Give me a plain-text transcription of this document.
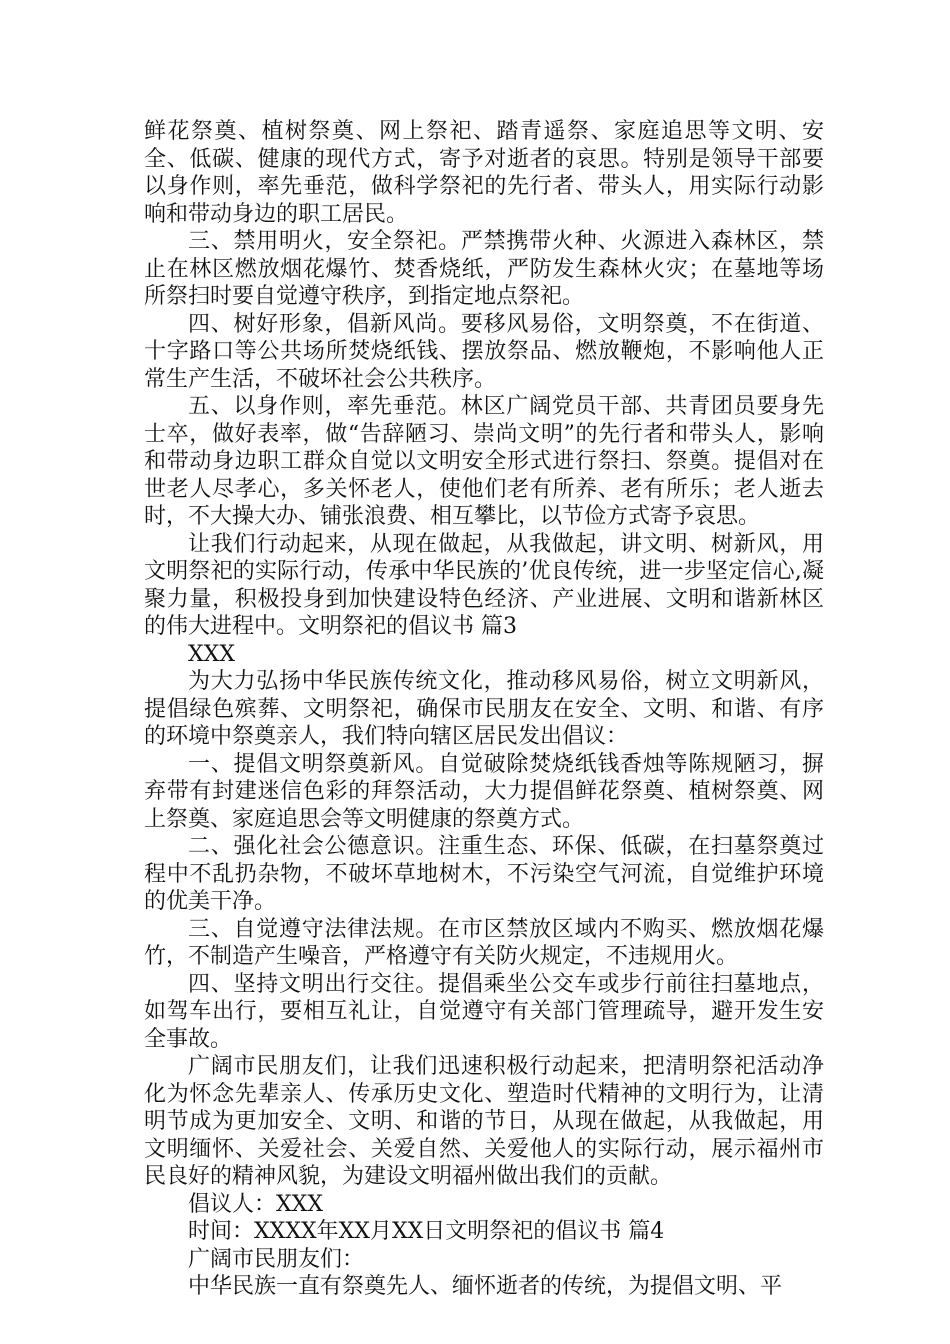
鲜花祭奠、植树祭奠、网上祭祀、踏青遥祭、家庭追思等文明、安全、低碳、健康的现代方式，寄予对逝者的哀思。特别是领导干部要以身作则，率先垂范，做科学祭祀的先行者、带头人，用实际行动影响和带动身边的职工居民。

三、禁用明火，安全祭祀。严禁携带火种、火源进入森林区，禁止在林区燃放烟花爆竹、焚香烧纸，严防发生森林火灾；在墓地等场所祭扫时要自觉遵守秩序，到指定地点祭祀。

四、树好形象，倡新风尚。要移风易俗，文明祭奠，不在街道、十字路口等公共场所焚烧纸钱、摆放祭品、燃放鞭炮，不影响他人正常生产生活，不破坏社会公共秩序。

五、以身作则，率先垂范。林区广阔党员干部、共青团员要身先士卒，做好表率，做“告辞陋习、崇尚文明”的先行者和带头人，影响和带动身边职工群众自觉以文明安全形式进行祭扫、祭奠。提倡对在世老人尽孝心，多关怀老人，使他们老有所养、老有所乐；老人逝去时，不大操大办、铺张浪费、相互攀比，以节俭方式寄予哀思。

让我们行动起来，从现在做起，从我做起，讲文明、树新风，用文明祭祀的实际行动，传承中华民族的’优良传统，进一步坚定信心,凝聚力量，积极投身到加快建设特色经济、产业进展、文明和谐新林区的伟大进程中。文明祭祀的倡议书 篇3

XXX

为大力弘扬中华民族传统文化，推动移风易俗，树立文明新风，提倡绿色殡葬、文明祭祀，确保市民朋友在安全、文明、和谐、有序的环境中祭奠亲人，我们特向辖区居民发出倡议：

一、提倡文明祭奠新风。自觉破除焚烧纸钱香烛等陈规陋习，摒弃带有封建迷信色彩的拜祭活动，大力提倡鲜花祭奠、植树祭奠、网上祭奠、家庭追思会等文明健康的祭奠方式。

二、强化社会公德意识。注重生态、环保、低碳，在扫墓祭奠过程中不乱扔杂物，不破坏草地树木，不污染空气河流，自觉维护环境的优美干净。

三、自觉遵守法律法规。在市区禁放区域内不购买、燃放烟花爆竹，不制造产生噪音，严格遵守有关防火规定，不违规用火。

四、坚持文明出行交往。提倡乘坐公交车或步行前往扫墓地点，如驾车出行，要相互礼让，自觉遵守有关部门管理疏导，避开发生安全事故。

广阔市民朋友们，让我们迅速积极行动起来，把清明祭祀活动净化为怀念先辈亲人、传承历史文化、塑造时代精神的文明行为，让清明节成为更加安全、文明、和谐的节日，从现在做起，从我做起，用文明缅怀、关爱社会、关爱自然、关爱他人的实际行动，展示福州市民良好的精神风貌，为建设文明福州做出我们的贡献。

倡议人：XXX

时间：XXXX年XX月XX日文明祭祀的倡议书 篇4

广阔市民朋友们：

中华民族一直有祭奠先人、缅怀逝者的传统，为提倡文明、平
